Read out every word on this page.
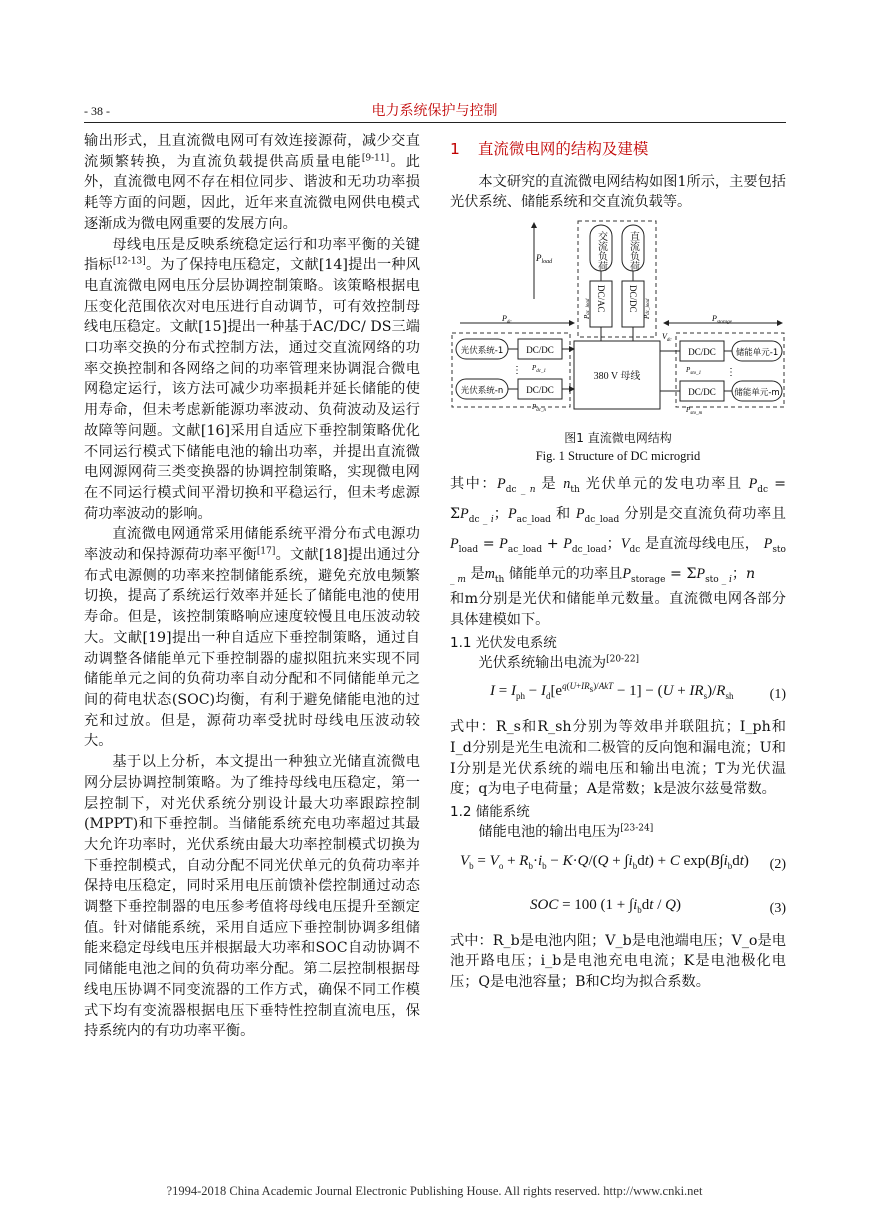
- 38 -	电力系统保护与控制

输出形式，且直流微电网可有效连接源荷，减少交直流频繁转换，为直流负载提供高质量电能[9-11]。此外，直流微电网不存在相位同步、谐波和无功功率损耗等方面的问题，因此，近年来直流微电网供电模式逐渐成为微电网重要的发展方向。

母线电压是反映系统稳定运行和功率平衡的关键指标[12-13]。为了保持电压稳定，文献[14]提出一种风电直流微电网电压分层协调控制策略。该策略根据电压变化范围依次对电压进行自动调节，可有效控制母线电压稳定。文献[15]提出一种基于AC/DC/ DS三端口功率交换的分布式控制方法，通过交直流网络的功率交换控制和各网络之间的功率管理来协调混合微电网稳定运行，该方法可减少功率损耗并延长储能的使用寿命，但未考虑新能源功率波动、负荷波动及运行故障等问题。文献[16]采用自适应下垂控制策略优化不同运行模式下储能电池的输出功率，并提出直流微电网源网荷三类变换器的协调控制策略，实现微电网在不同运行模式间平滑切换和平稳运行，但未考虑源荷功率波动的影响。

直流微电网通常采用储能系统平滑分布式电源功率波动和保持源荷功率平衡[17]。文献[18]提出通过分布式电源侧的功率来控制储能系统，避免充放电频繁切换，提高了系统运行效率并延长了储能电池的使用寿命。但是，该控制策略响应速度较慢且电压波动较大。文献[19]提出一种自适应下垂控制策略，通过自动调整各储能单元下垂控制器的虚拟阻抗来实现不同储能单元之间的负荷功率自动分配和不同储能单元之间的荷电状态(SOC)均衡，有利于避免储能电池的过充和过放。但是，源荷功率受扰时母线电压波动较大。

基于以上分析，本文提出一种独立光储直流微电网分层协调控制策略。为了维持母线电压稳定，第一层控制下，对光伏系统分别设计最大功率跟踪控制(MPPT)和下垂控制。当储能系统充电功率超过其最大允许功率时，光伏系统由最大功率控制模式切换为下垂控制模式，自动分配不同光伏单元的负荷功率并保持电压稳定，同时采用电压前馈补偿控制通过动态调整下垂控制器的电压参考值将母线电压提升至额定值。针对储能系统，采用自适应下垂控制协调多组储能来稳定母线电压并根据最大功率和SOC自动协调不同储能电池之间的负荷功率分配。第二层控制根据母线电压协调不同变流器的工作方式，确保不同工作模式下均有变流器根据电压下垂特性控制直流电压，保持系统内的有功功率平衡。

1 直流微电网的结构及建模

本文研究的直流微电网结构如图1所示，主要包括光伏系统、储能系统和交直流负载等。

交流负荷 直流负荷
DC/AC DC/DC
Pac_load
Pdc_load
$P_{load}$
380 V 母线
$P_{dc}$	$P_{storage}$
光伏系统-1
光伏系统-n
⋮
DC/DC
DC/DC
$P_{dc\_1}$
$P_{dc\_n}$
$V_{dc}$
DC/DC
DC/DC
储能单元-1
储能单元-m
⋮
$P_{sto\_1}$
$P_{sto\_m}$
图1 直流微电网结构
Fig. 1 Structure of DC microgrid

其中：$P_{dc \_ n}$ 是 $n_{th}$ 光伏单元的发电功率且 $P_{dc} = \Sigma P_{dc \_ i}$；$P_{ac\_load}$ 和 $P_{dc\_load}$ 分别是交直流负荷功率且 $P_{load} = P_{ac\_load} + P_{dc\_load}$；$V_{dc}$ 是直流母线电压， $P_{sto \_ m}$ 是$m_{th}$ 储能单元的功率且$P_{storage} = \Sigma P_{sto \_ i}$；n

和m分别是光伏和储能单元数量。直流微电网各部分具体建模如下。

1.1 光伏发电系统

光伏系统输出电流为[20-22]

$I = I_{ph} - I_d[e^{q(U+IR_s)/AkT} - 1] - (U + IR_s)/R_{sh}$	(1)

式中：R_s和R_sh分别为等效串并联阻抗；I_ph和I_d分别是光生电流和二极管的反向饱和漏电流；U和I分别是光伏系统的端电压和输出电流；T为光伏温度；q为电子电荷量；A是常数；k是波尔兹曼常数。

1.2 储能系统

储能电池的输出电压为[23-24]

$V_b = V_o + R_b\cdot i_b - K\cdot Q/(Q + \int i_bdt) + C$ $\exp(B\int i_bdt)$ (2)
SOC = 100 $(1 + \int i_bdt / Q)$	(3)

式中：R_b是电池内阻；V_b是电池端电压；V_o是电池开路电压；i_b是电池充电电流；K是电池极化电压；Q是电池容量；B和C均为拟合系数。

?1994-2018 China Academic Journal Electronic Publishing House. All rights reserved. http://www.cnki.net
